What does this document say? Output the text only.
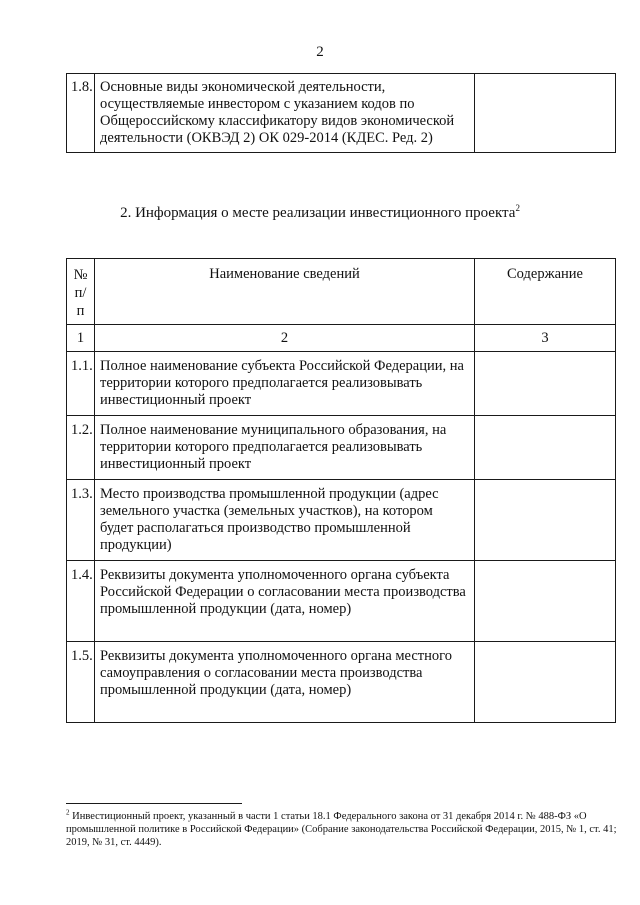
2
1.8.	Основные виды экономической деятельности, осуществляемые инвестором с указанием кодов по Общероссийскому классификатору видов экономической деятельности (ОКВЭД 2) ОК 029-2014 (КДЕС. Ред. 2)	
2. Информация о месте реализации инвестиционного проекта$^2$
№ п/п	Наименование сведений	Содержание
1	2	3
1.1.	Полное наименование субъекта Российской Федерации, на территории которого предполагается реализовывать инвестиционный проект	
1.2.	Полное наименование муниципального образования, на территории которого предполагается реализовывать инвестиционный проект	
1.3.	Место производства промышленной продукции (адрес земельного участка (земельных участков), на котором будет располагаться производство промышленной продукции)	
1.4.	Реквизиты документа уполномоченного органа субъекта Российской Федерации о согласовании места производства промышленной продукции (дата, номер)	
1.5.	Реквизиты документа уполномоченного органа местного самоуправления о согласовании места производства промышленной продукции (дата, номер)	
$^2$ Инвестиционный проект, указанный в части 1 статьи 18.1 Федерального закона от 31 декабря 2014 г. № 488-ФЗ «О промышленной политике в Российской Федерации» (Собрание законодательства Российской Федерации, 2015, № 1, ст. 41; 2019, № 31, ст. 4449).
